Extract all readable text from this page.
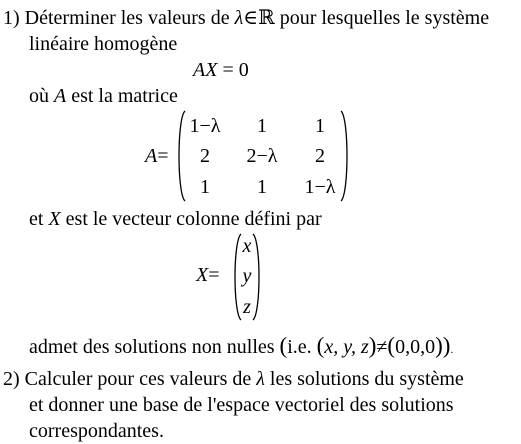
1) Déterminer les valeurs de λ∈ℝ pour lesquelles le système
linéaire homogène
AX = 0
où A est la matrice
A=
1−λ 1 1
2 2−λ 2
1 1 1−λ
et X est le vecteur colonne défini par
X=
x
y
z
admet des solutions non nulles (i.e. (x, y, z)≠(0,0,0)).
2) Calculer pour ces valeurs de λ les solutions du système
et donner une base de l'espace vectoriel des solutions
correspondantes.
